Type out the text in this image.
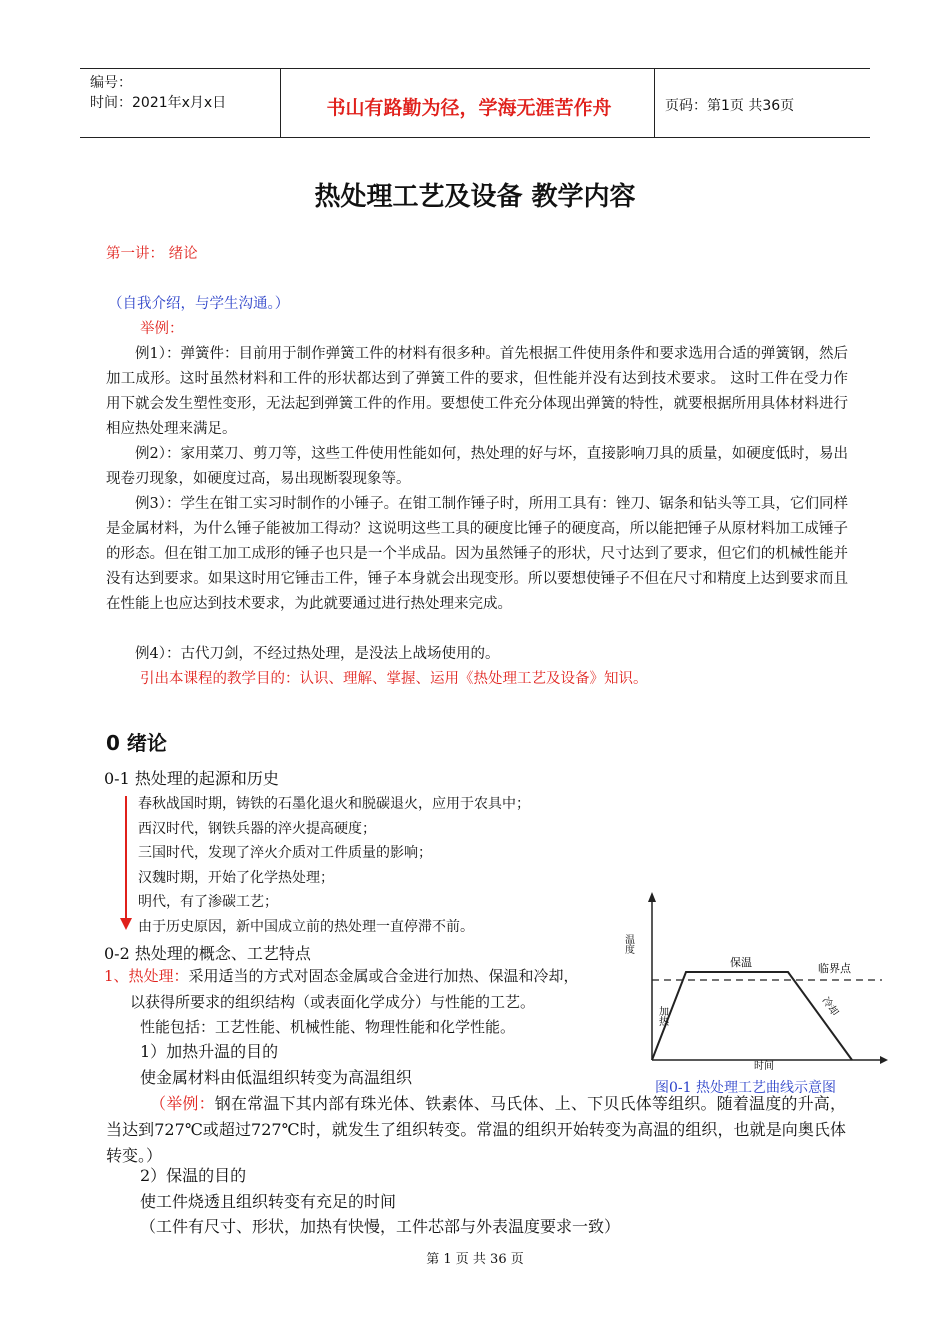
编号：
时间：2021年x月x日	书山有路勤为径，学海无涯苦作舟	页码：第1页 共36页
热处理工艺及设备 教学内容
第一讲： 绪论
（自我介绍，与学生沟通。）
举例：

例1）：弹簧件：目前用于制作弹簧工件的材料有很多种。首先根据工件使用条件和要求选用合适的弹簧钢，然后加工成形。这时虽然材料和工件的形状都达到了弹簧工件的要求，但性能并没有达到技术要求。 这时工件在受力作用下就会发生塑性变形，无法起到弹簧工件的作用。要想使工件充分体现出弹簧的特性，就要根据所用具体材料进行相应热处理来满足。

例2）：家用菜刀、剪刀等，这些工件使用性能如何，热处理的好与坏，直接影响刀具的质量，如硬度低时，易出现卷刃现象，如硬度过高，易出现断裂现象等。

例3）：学生在钳工实习时制作的小锤子。在钳工制作锤子时，所用工具有：锉刀、锯条和钻头等工具，它们同样是金属材料，为什么锤子能被加工得动？这说明这些工具的硬度比锤子的硬度高，所以能把锤子从原材料加工成锤子的形态。但在钳工加工成形的锤子也只是一个半成品。因为虽然锤子的形状，尺寸达到了要求，但它们的机械性能并没有达到要求。如果这时用它锤击工件，锤子本身就会出现变形。所以要想使锤子不但在尺寸和精度上达到要求而且在性能上也应达到技术要求，为此就要通过进行热处理来完成。

例4）：古代刀剑，不经过热处理，是没法上战场使用的。

引出本课程的教学目的：认识、理解、掌握、运用《热处理工艺及设备》知识。
0 绪论
0-1 热处理的起源和历史
春秋战国时期，铸铁的石墨化退火和脱碳退火，应用于农具中；
西汉时代，钢铁兵器的淬火提高硬度；
三国时代，发现了淬火介质对工件质量的影响；
汉魏时期，开始了化学热处理；
明代，有了渗碳工艺；
由于历史原因，新中国成立前的热处理一直停滞不前。
0-2 热处理的概念、工艺特点
1、热处理：采用适当的方式对固态金属或合金进行加热、保温和冷却，
以获得所要求的组织结构（或表面化学成分）与性能的工艺。
性能包括：工艺性能、机械性能、物理性能和化学性能。
1）加热升温的目的
使金属材料由低温组织转变为高温组织
（举例：钢在常温下其内部有珠光体、铁素体、马氏体、上、下贝氏体等组织。随着温度的升高，当达到727℃或超过727℃时，就发生了组织转变。常温的组织开始转变为高温的组织，也就是向奥氏体转变。）
2）保温的目的
使工件烧透且组织转变有充足的时间
（工件有尺寸、形状，加热有快慢，工件芯部与外表温度要求一致）
温度
保温	临界点
加热	冷却
时间
图0-1 热处理工艺曲线示意图
第 1 页 共 36 页
